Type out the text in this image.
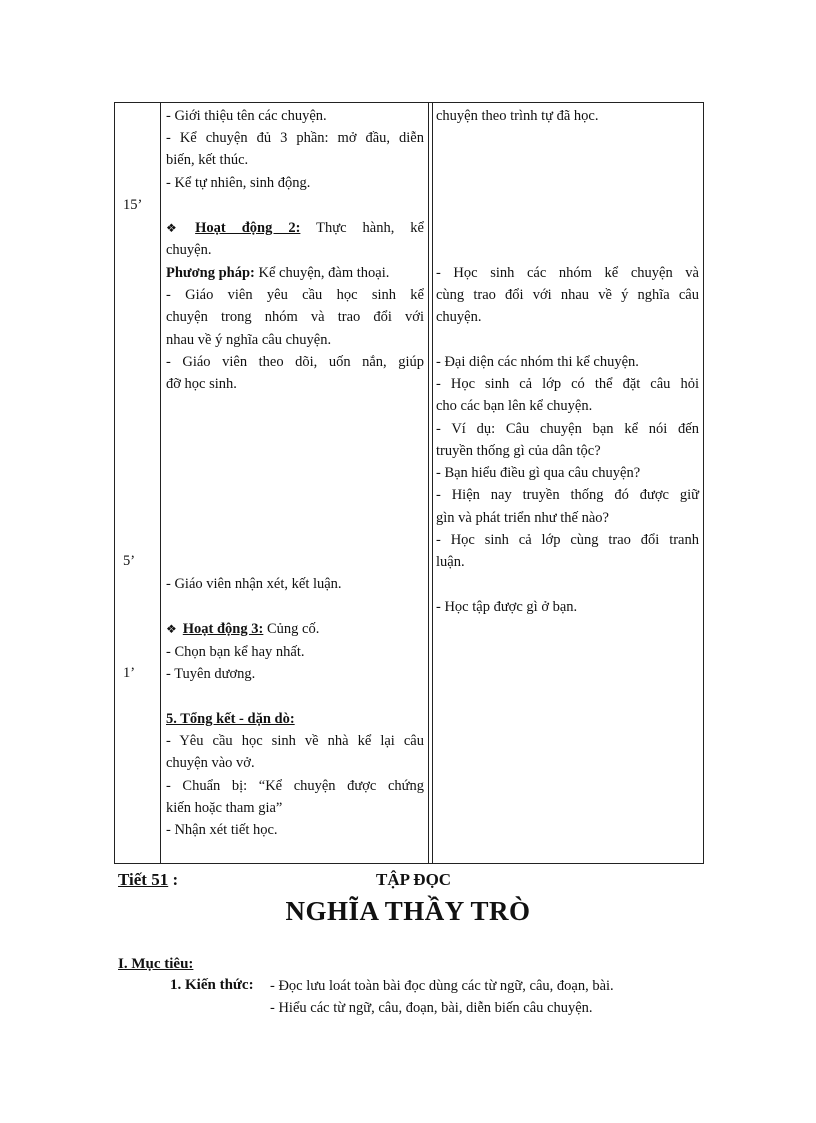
15’
5’
1’
- Giới thiệu tên các chuyện.
- Kể chuyện đủ 3 phần: mở đầu, diễn
biến, kết thúc.
- Kể tự nhiên, sinh động.
❖ Hoạt động 2: Thực hành, kể
chuyện.
Phương pháp: Kể chuyện, đàm thoại.
- Giáo viên yêu cầu học sinh kể
chuyện trong nhóm và trao đổi với
nhau về ý nghĩa câu chuyện.
- Giáo viên theo dõi, uốn nắn, giúp
đỡ học sinh.
- Giáo viên nhận xét, kết luận.
❖ Hoạt động 3: Củng cố.
- Chọn bạn kể hay nhất.
- Tuyên dương.
5. Tổng kết - dặn dò:
- Yêu cầu học sinh về nhà kể lại câu
chuyện vào vở.
- Chuẩn bị: “Kể chuyện được chứng
kiến hoặc tham gia”
- Nhận xét tiết học.
chuyện theo trình tự đã học.
- Học sinh các nhóm kể chuyện và
cùng trao đổi với nhau về ý nghĩa câu
chuyện.
- Đại diện các nhóm thi kể chuyện.
- Học sinh cả lớp có thể đặt câu hỏi
cho các bạn lên kể chuyện.
- Ví dụ: Câu chuyện bạn kể nói đến
truyền thống gì của dân tộc?
- Bạn hiểu điều gì qua câu chuyện?
- Hiện nay truyền thống đó được giữ
gìn và phát triển như thế nào?
- Học sinh cả lớp cùng trao đổi tranh
luận.
- Học tập được gì ở bạn.
Tiết 51 :	TẬP ĐỌC
NGHĨA THẦY TRÒ
I. Mục tiêu:
1. Kiến thức: - Đọc lưu loát toàn bài đọc dùng các từ ngữ, câu, đoạn, bài.
- Hiểu các từ ngữ, câu, đoạn, bài, diễn biến câu chuyện.
